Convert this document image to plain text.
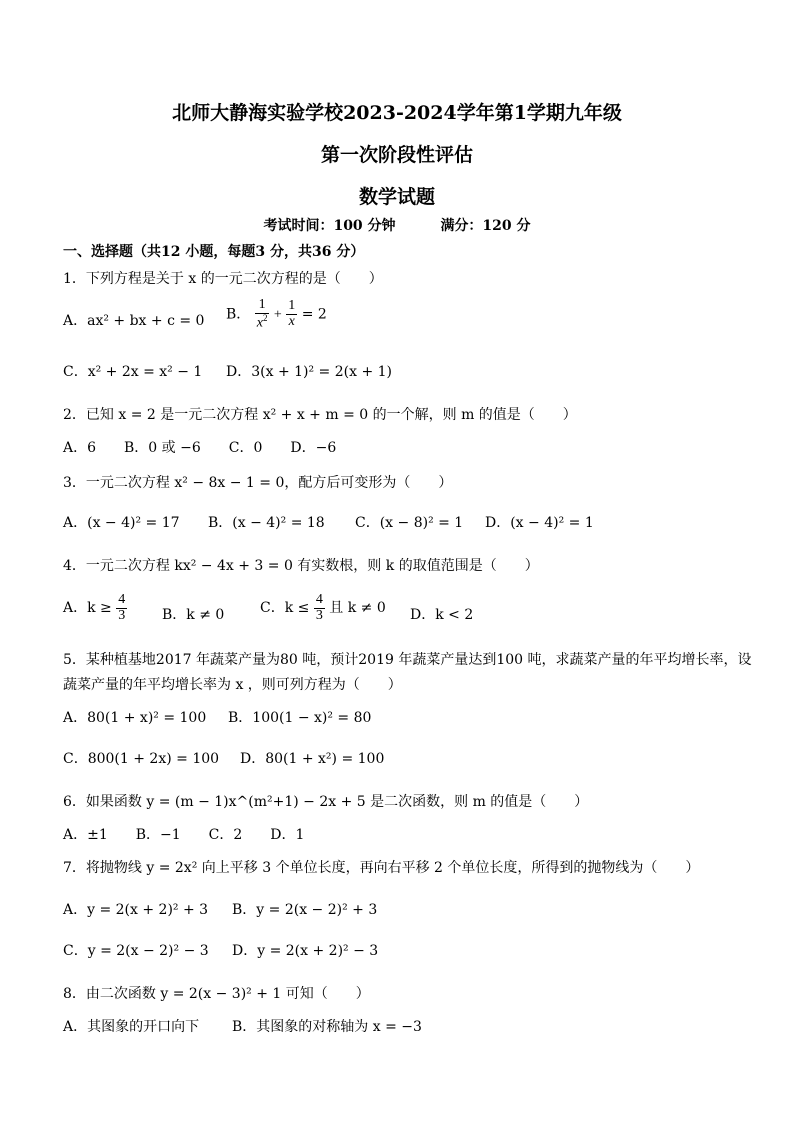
北师大静海实验学校2023-2024学年第1学期九年级
第一次阶段性评估
数学试题
考试时间：100 分钟	满分：120 分
一、选择题（共12 小题，每题3 分，共36 分）
1．下列方程是关于 x 的一元二次方程的是（　　）
A．ax² + bx + c = 0 B． $\frac{1}{x^2} + \frac{1}{x} = 2$
C．x² + 2x = x² − 1 D．3(x + 1)² = 2(x + 1)
2．已知 x = 2 是一元二次方程 x² + x + m = 0 的一个解，则 m 的值是（　　）
A．6　　B．0 或 −6　　C．0　　D．−6
3．一元二次方程 x² − 8x − 1 = 0，配方后可变形为（　　）
A．(x − 4)² = 17 B．(x − 4)² = 18 C．(x − 8)² = 1 D．(x − 4)² = 1
4．一元二次方程 kx² − 4x + 3 = 0 有实数根，则 k 的取值范围是（　　）
A．$k \ge \frac{4}{3}$ B．k ≠ 0	C．$k \le \frac{4}{3}$ 且 k ≠ 0 D．k < 2
5．某种植基地2017 年蔬菜产量为80 吨，预计2019 年蔬菜产量达到100 吨，求蔬菜产量的年平均增长率，设
蔬菜产量的年平均增长率为 x ，则可列方程为（　　）
A．80(1 + x)² = 100 B．100(1 − x)² = 80
C．800(1 + 2x) = 100 D．80(1 + x²) = 100
6．如果函数 y = (m − 1)x^(m²+1) − 2x + 5 是二次函数，则 m 的值是（　　）
A．±1　　B．−1　　C．2　　D．1
7．将抛物线 y = 2x² 向上平移 3 个单位长度，再向右平移 2 个单位长度，所得到的抛物线为（　　）
A．y = 2(x + 2)² + 3 B．y = 2(x − 2)² + 3
C．y = 2(x − 2)² − 3 D．y = 2(x + 2)² − 3
8．由二次函数 y = 2(x − 3)² + 1 可知（　　）
A．其图象的开口向下 B．其图象的对称轴为 x = −3
